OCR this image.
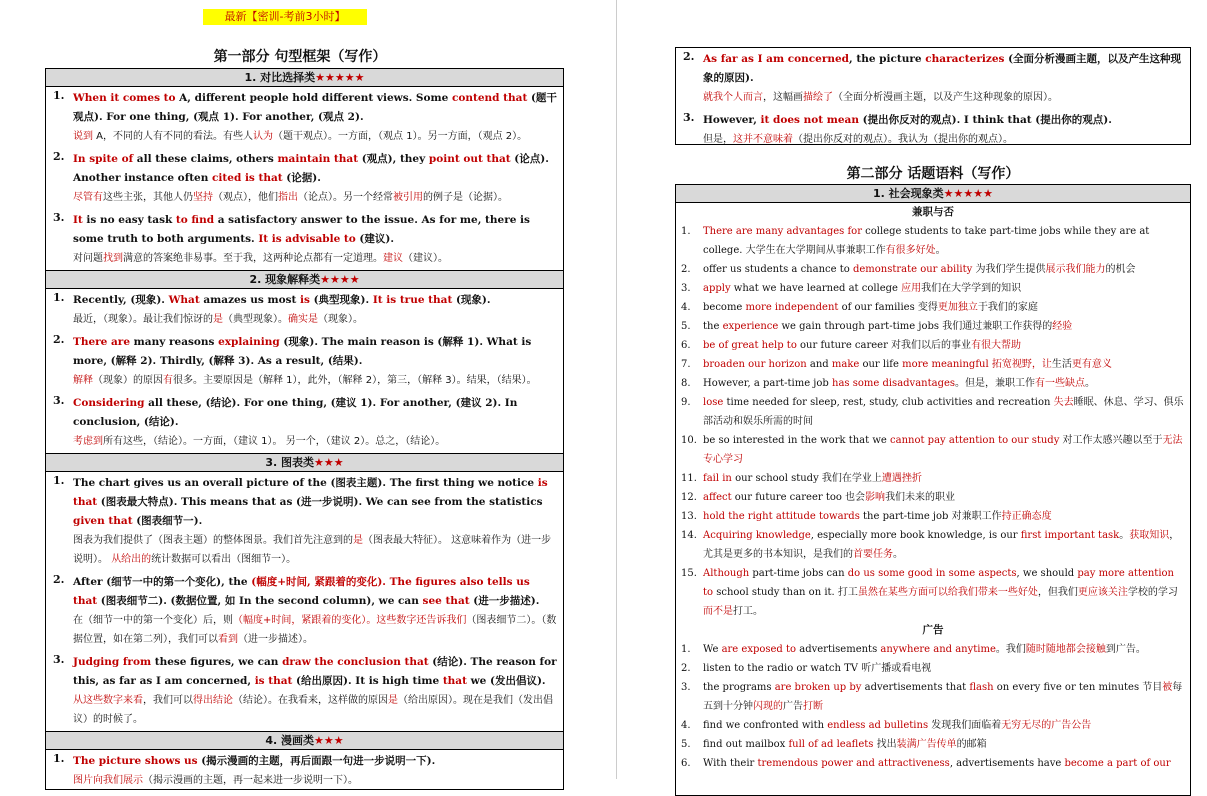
最新【密训-考前3小时】
第一部分 句型框架（写作）
1. 对比选择类★★★★★
1. When it comes to A, different people hold different views. Some contend that (题干观点). For one thing, (观点 1). For another, (观点 2).
说到 A，不同的人有不同的看法。有些人认为（题干观点）。一方面，（观点 1）。另一方面，（观点 2）。
2. In spite of all these claims, others maintain that (观点), they point out that (论点). Another instance often cited is that (论据).
尽管有这些主张，其他人仍坚持（观点），他们指出（论点）。另一个经常被引用的例子是（论据）。
3. It is no easy task to find a satisfactory answer to the issue. As for me, there is some truth to both arguments. It is advisable to (建议).
对问题找到满意的答案绝非易事。至于我，这两种论点都有一定道理。建议（建议）。
2. 现象解释类★★★★
1. Recently, (现象). What amazes us most is (典型现象). It is true that (现象).
最近，（现象）。最让我们惊讶的是（典型现象）。确实是（现象）。
2. There are many reasons explaining (现象). The main reason is (解释 1). What is more, (解释 2). Thirdly, (解释 3). As a result, (结果).
解释（现象）的原因有很多。主要原因是（解释 1），此外，（解释 2），第三，（解释 3）。结果，（结果）。
3. Considering all these, (结论). For one thing, (建议 1). For another, (建议 2). In conclusion, (结论).
考虑到所有这些，（结论）。一方面，（建议 1）。 另一个，（建议 2）。总之，（结论）。
3. 图表类★★★
1. The chart gives us an overall picture of the (图表主题). The first thing we notice is that (图表最大特点). This means that as (进一步说明). We can see from the statistics given that (图表细节一).
图表为我们提供了（图表主题）的整体图景。我们首先注意到的是（图表最大特征）。 这意味着作为（进一步说明）。 从给出的统计数据可以看出（图细节一）。
2. After (细节一中的第一个变化), the (幅度+时间, 紧跟着的变化). The figures also tells us that (图表细节二). (数据位置, 如 In the second column), we can see that (进一步描述).
在（细节一中的第一个变化）后，则（幅度+时间，紧跟着的变化）。这些数字还告诉我们（图表细节二）。（数据位置，如在第二列），我们可以看到（进一步描述）。
3. Judging from these figures, we can draw the conclusion that (结论). The reason for this, as far as I am concerned, is that (给出原因). It is high time that we (发出倡议).
从这些数字来看，我们可以得出结论（结论）。在我看来，这样做的原因是（给出原因）。现在是我们（发出倡议）的时候了。
4. 漫画类★★★
1. The picture shows us (揭示漫画的主题，再后面跟一句进一步说明一下).
图片向我们展示（揭示漫画的主题，再一起来进一步说明一下）。
2. As far as I am concerned, the picture characterizes (全面分析漫画主题，以及产生这种现象的原因).
就我个人而言，这幅画描绘了（全面分析漫画主题，以及产生这种现象的原因）。
3. However, it does not mean (提出你反对的观点). I think that (提出你的观点).
但是，这并不意味着（提出你反对的观点）。我认为（提出你的观点）。
第二部分 话题语料（写作）
1. 社会现象类★★★★★
兼职与否
1. There are many advantages for college students to take part-time jobs while they are at college. 大学生在大学期间从事兼职工作有很多好处。
2. offer us students a chance to demonstrate our ability 为我们学生提供展示我们能力的机会
3. apply what we have learned at college 应用我们在大学学到的知识
4. become more independent of our families 变得更加独立于我们的家庭
5. the experience we gain through part-time jobs 我们通过兼职工作获得的经验
6. be of great help to our future career 对我们以后的事业有很大帮助
7. broaden our horizon and make our life more meaningful 拓宽视野，让生活更有意义
8. However, a part-time job has some disadvantages。但是，兼职工作有一些缺点。
9. lose time needed for sleep, rest, study, club activities and recreation 失去睡眠、休息、学习、俱乐部活动和娱乐所需的时间
10. be so interested in the work that we cannot pay attention to our study 对工作太感兴趣以至于无法专心学习
11. fail in our school study 我们在学业上遭遇挫折
12. affect our future career too 也会影响我们未来的职业
13. hold the right attitude towards the part-time job 对兼职工作持正确态度
14. Acquiring knowledge, especially more book knowledge, is our first important task。获取知识，尤其是更多的书本知识，是我们的首要任务。
15. Although part-time jobs can do us some good in some aspects, we should pay more attention to school study than on it. 打工虽然在某些方面可以给我们带来一些好处，但我们更应该关注学校的学习而不是打工。
广告
1. We are exposed to advertisements anywhere and anytime。我们随时随地都会接触到广告。
2. listen to the radio or watch TV 听广播或看电视
3. the programs are broken up by advertisements that flash on every five or ten minutes 节目被每五到十分钟闪现的广告打断
4. find we confronted with endless ad bulletins 发现我们面临着无穷无尽的广告公告
5. find out mailbox full of ad leaflets 找出装满广告传单的邮箱
6. With their tremendous power and attractiveness, advertisements have become a part of our
